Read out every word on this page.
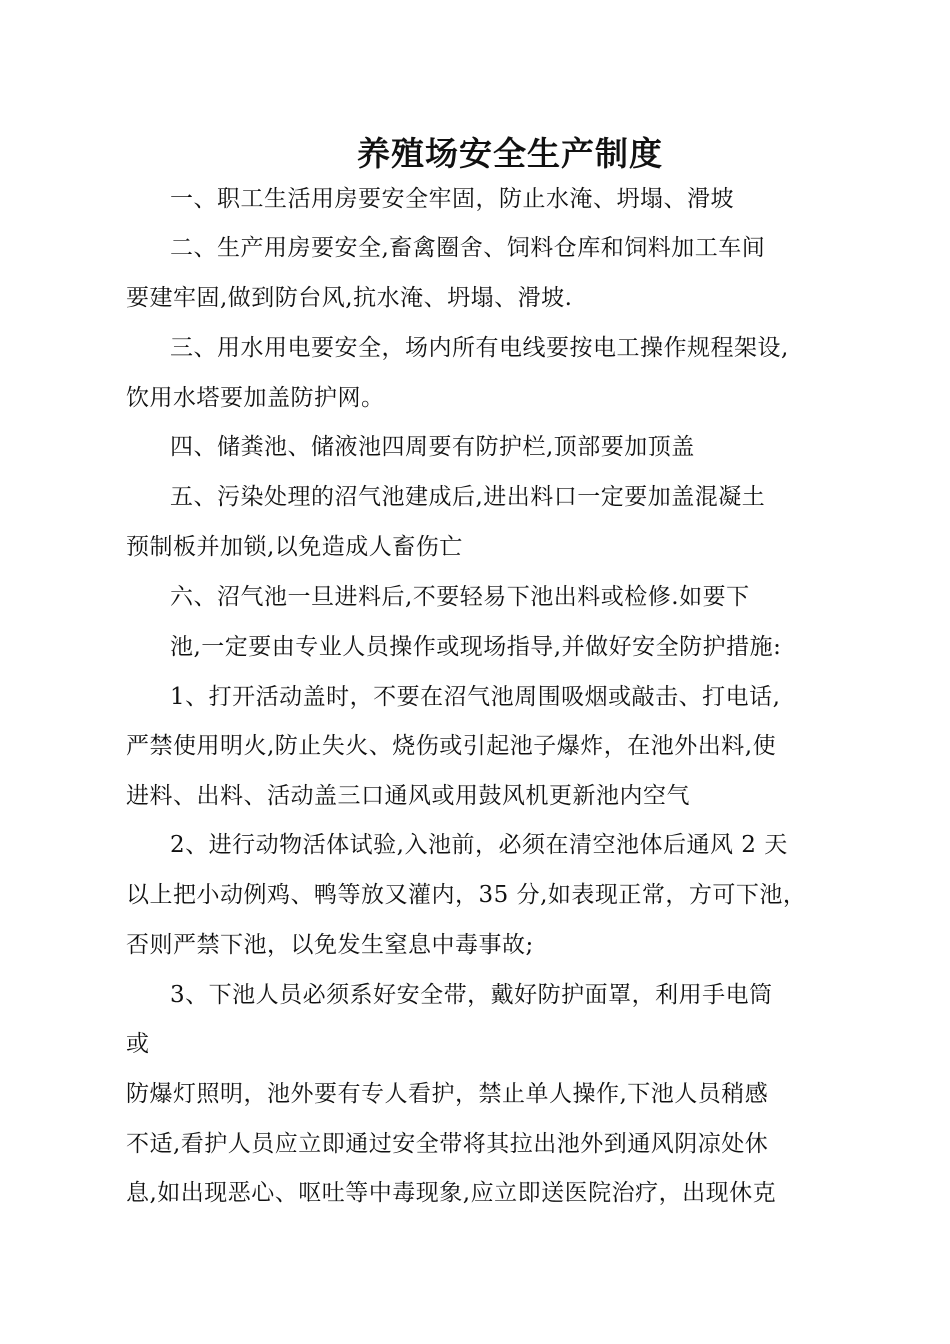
养殖场安全生产制度
一、职工生活用房要安全牢固，防止水淹、坍塌、滑坡
二、生产用房要安全,畜禽圈舍、饲料仓库和饲料加工车间
要建牢固,做到防台风,抗水淹、坍塌、滑坡.
三、用水用电要安全，场内所有电线要按电工操作规程架设,
饮用水塔要加盖防护网。
四、储粪池、储液池四周要有防护栏,顶部要加顶盖
五、污染处理的沼气池建成后,进出料口一定要加盖混凝土
预制板并加锁,以免造成人畜伤亡
六、沼气池一旦进料后,不要轻易下池出料或检修.如要下
池,一定要由专业人员操作或现场指导,并做好安全防护措施:
1、打开活动盖时，不要在沼气池周围吸烟或敲击、打电话,
严禁使用明火,防止失火、烧伤或引起池子爆炸，在池外出料,使
进料、出料、活动盖三口通风或用鼓风机更新池内空气
2、进行动物活体试验,入池前，必须在清空池体后通风 2 天
以上把小动例鸡、鸭等放又灌内，35 分,如表现正常，方可下池，
否则严禁下池，以免发生窒息中毒事故;
3、下池人员必须系好安全带，戴好防护面罩，利用手电筒
或
防爆灯照明，池外要有专人看护，禁止单人操作,下池人员稍感
不适,看护人员应立即通过安全带将其拉出池外到通风阴凉处休
息,如出现恶心、呕吐等中毒现象,应立即送医院治疗，出现休克
